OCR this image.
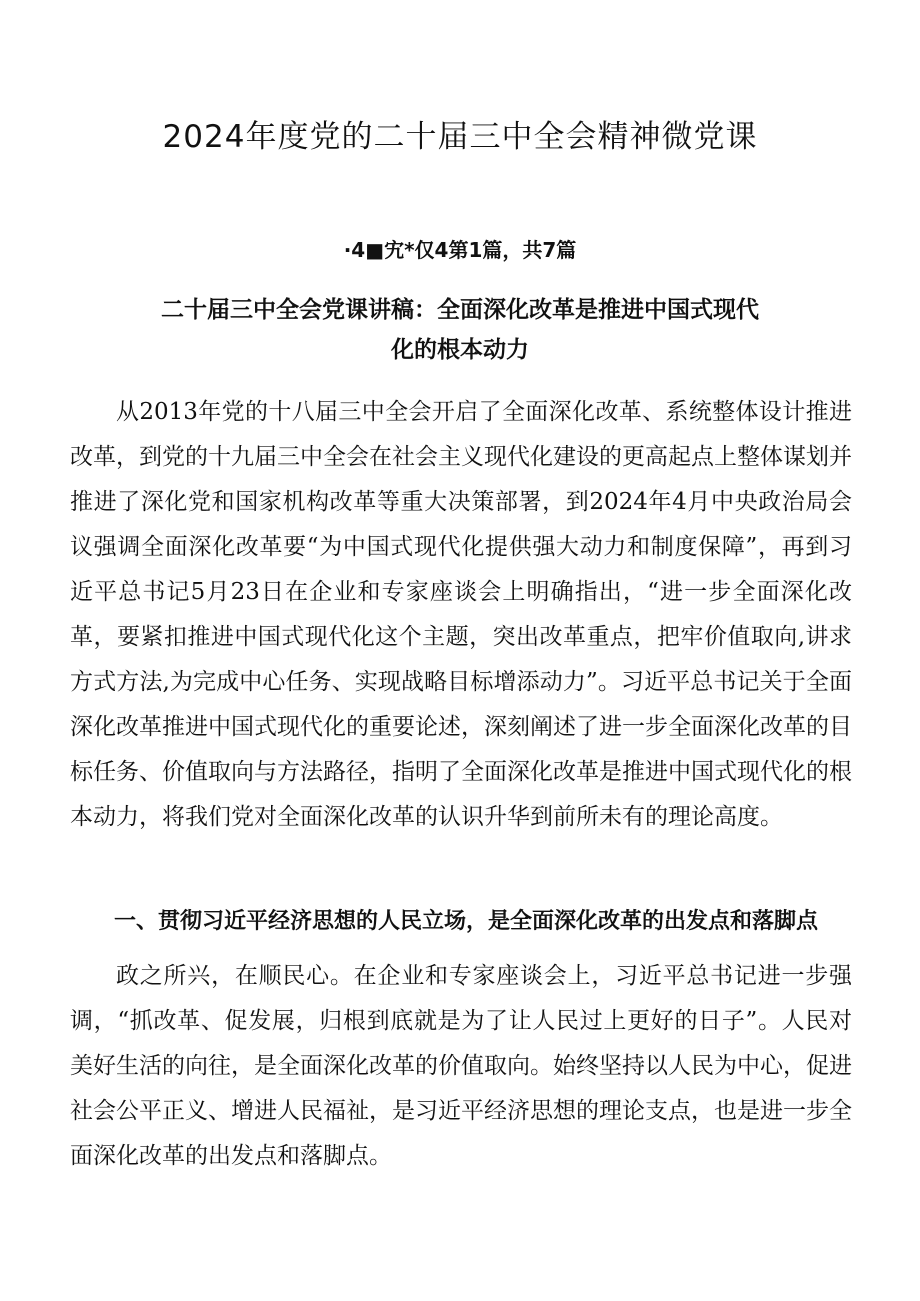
2024年度党的二十届三中全会精神微党课

·4■宄*仅4第1篇，共7篇

二十届三中全会党课讲稿：全面深化改革是推进中国式现代化的根本动力

从2013年党的十八届三中全会开启了全面深化改革、系统整体设计推进改革，到党的十九届三中全会在社会主义现代化建设的更高起点上整体谋划并推进了深化党和国家机构改革等重大决策部署，到2024年4月中央政治局会议强调全面深化改革要“为中国式现代化提供强大动力和制度保障”，再到习近平总书记5月23日在企业和专家座谈会上明确指出，“进一步全面深化改革，要紧扣推进中国式现代化这个主题，突出改革重点，把牢价值取向,讲求方式方法,为完成中心任务、实现战略目标增添动力”。习近平总书记关于全面深化改革推进中国式现代化的重要论述，深刻阐述了进一步全面深化改革的目标任务、价值取向与方法路径，指明了全面深化改革是推进中国式现代化的根本动力，将我们党对全面深化改革的认识升华到前所未有的理论高度。

一、贯彻习近平经济思想的人民立场，是全面深化改革的出发点和落脚点

政之所兴，在顺民心。在企业和专家座谈会上，习近平总书记进一步强调，“抓改革、促发展，归根到底就是为了让人民过上更好的日子”。人民对美好生活的向往，是全面深化改革的价值取向。始终坚持以人民为中心，促进社会公平正义、增进人民福祉，是习近平经济思想的理论支点，也是进一步全面深化改革的出发点和落脚点。
